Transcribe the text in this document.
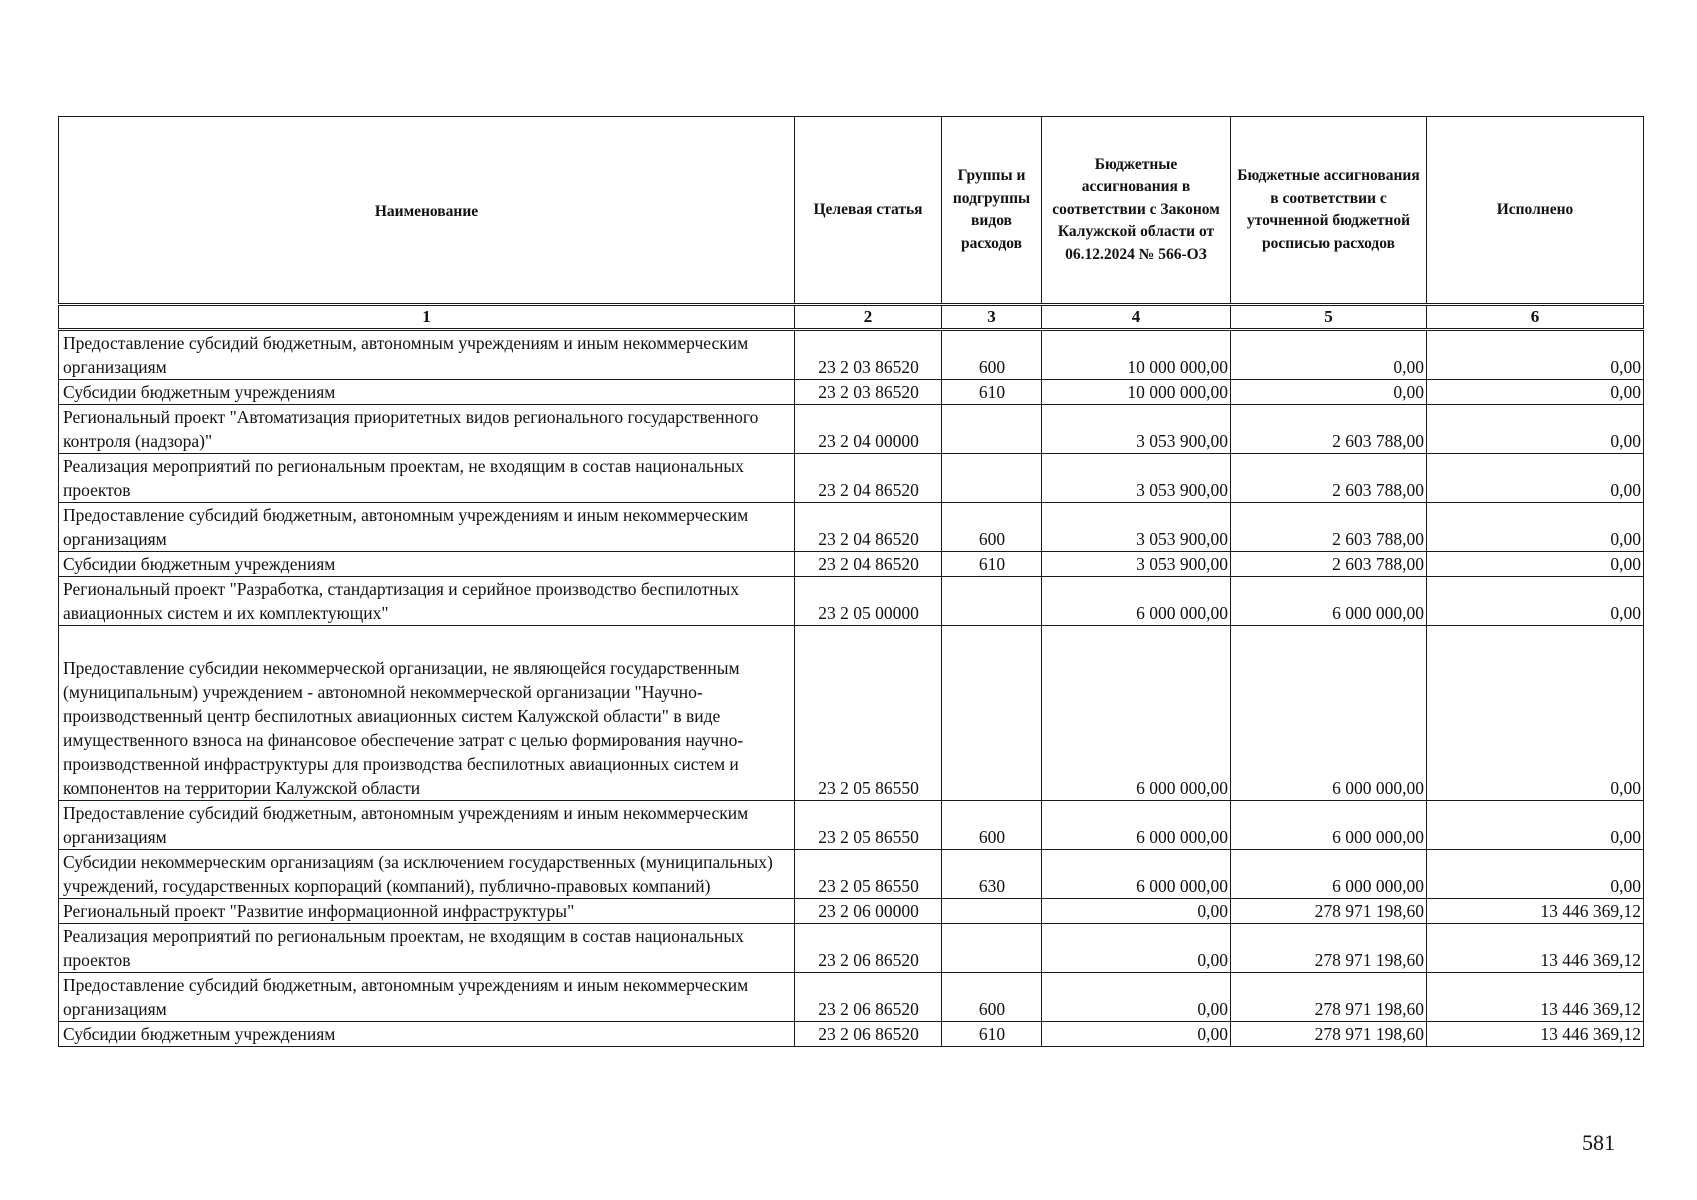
Наименование	Целевая статья	Группы и подгруппы видов расходов	Бюджетные ассигнования в соответствии с Законом Калужской области от 06.12.2024 № 566-ОЗ	Бюджетные ассигнования в соответствии с уточненной бюджетной росписью расходов	Исполнено
1	2	3	4	5	6
Предоставление субсидий бюджетным, автономным учреждениям и иным некоммерческим организациям	23 2 03 86520	600	10 000 000,00	0,00	0,00
Субсидии бюджетным учреждениям	23 2 03 86520	610	10 000 000,00	0,00	0,00
Региональный проект "Автоматизация приоритетных видов регионального государственного контроля (надзора)"	23 2 04 00000		3 053 900,00	2 603 788,00	0,00
Реализация мероприятий по региональным проектам, не входящим в состав национальных проектов	23 2 04 86520		3 053 900,00	2 603 788,00	0,00
Предоставление субсидий бюджетным, автономным учреждениям и иным некоммерческим организациям	23 2 04 86520	600	3 053 900,00	2 603 788,00	0,00
Субсидии бюджетным учреждениям	23 2 04 86520	610	3 053 900,00	2 603 788,00	0,00
Региональный проект "Разработка, стандартизация и серийное производство беспилотных авиационных систем и их комплектующих"	23 2 05 00000		6 000 000,00	6 000 000,00	0,00
Предоставление субсидии некоммерческой организации, не являющейся государственным (муниципальным) учреждением - автономной некоммерческой организации "Научно-производственный центр беспилотных авиационных систем Калужской области" в виде имущественного взноса на финансовое обеспечение затрат с целью формирования научно-производственной инфраструктуры для производства беспилотных авиационных систем и компонентов на территории Калужской области	23 2 05 86550		6 000 000,00	6 000 000,00	0,00
Предоставление субсидий бюджетным, автономным учреждениям и иным некоммерческим организациям	23 2 05 86550	600	6 000 000,00	6 000 000,00	0,00
Субсидии некоммерческим организациям (за исключением государственных (муниципальных) учреждений, государственных корпораций (компаний), публично-правовых компаний)	23 2 05 86550	630	6 000 000,00	6 000 000,00	0,00
Региональный проект "Развитие информационной инфраструктуры"	23 2 06 00000		0,00	278 971 198,60	13 446 369,12
Реализация мероприятий по региональным проектам, не входящим в состав национальных проектов	23 2 06 86520		0,00	278 971 198,60	13 446 369,12
Предоставление субсидий бюджетным, автономным учреждениям и иным некоммерческим организациям	23 2 06 86520	600	0,00	278 971 198,60	13 446 369,12
Субсидии бюджетным учреждениям	23 2 06 86520	610	0,00	278 971 198,60	13 446 369,12
581
